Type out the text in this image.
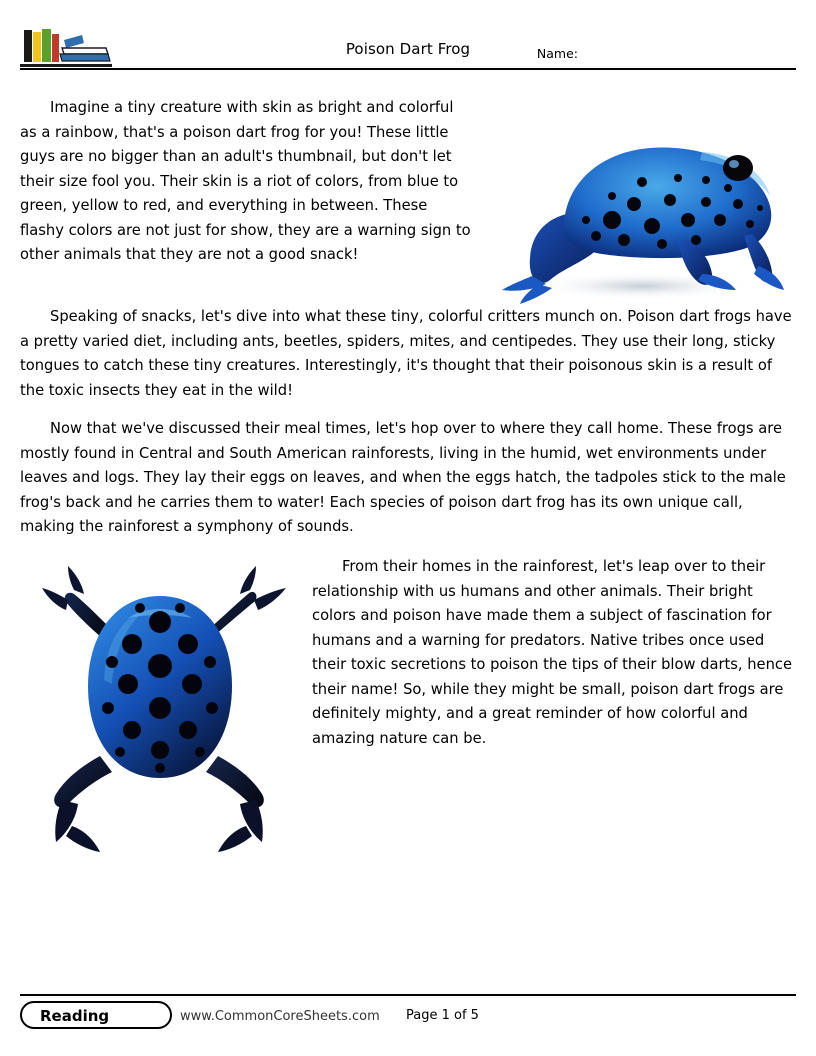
Poison Dart Frog	Name:
Imagine a tiny creature with skin as bright and colorful as a rainbow, that's a poison dart frog for you! These little guys are no bigger than an adult's thumbnail, but don't let their size fool you. Their skin is a riot of colors, from blue to green, yellow to red, and everything in between. These flashy colors are not just for show, they are a warning sign to other animals that they are not a good snack!
Speaking of snacks, let's dive into what these tiny, colorful critters munch on. Poison dart frogs have a pretty varied diet, including ants, beetles, spiders, mites, and centipedes. They use their long, sticky tongues to catch these tiny creatures. Interestingly, it's thought that their poisonous skin is a result of the toxic insects they eat in the wild!
Now that we've discussed their meal times, let's hop over to where they call home. These frogs are mostly found in Central and South American rainforests, living in the humid, wet environments under leaves and logs. They lay their eggs on leaves, and when the eggs hatch, the tadpoles stick to the male frog's back and he carries them to water! Each species of poison dart frog has its own unique call, making the rainforest a symphony of sounds.
From their homes in the rainforest, let's leap over to their relationship with us humans and other animals. Their bright colors and poison have made them a subject of fascination for humans and a warning for predators. Native tribes once used their toxic secretions to poison the tips of their blow darts, hence their name! So, while they might be small, poison dart frogs are definitely mighty, and a great reminder of how colorful and amazing nature can be.
Reading	www.CommonCoreSheets.com Page 1 of 5
